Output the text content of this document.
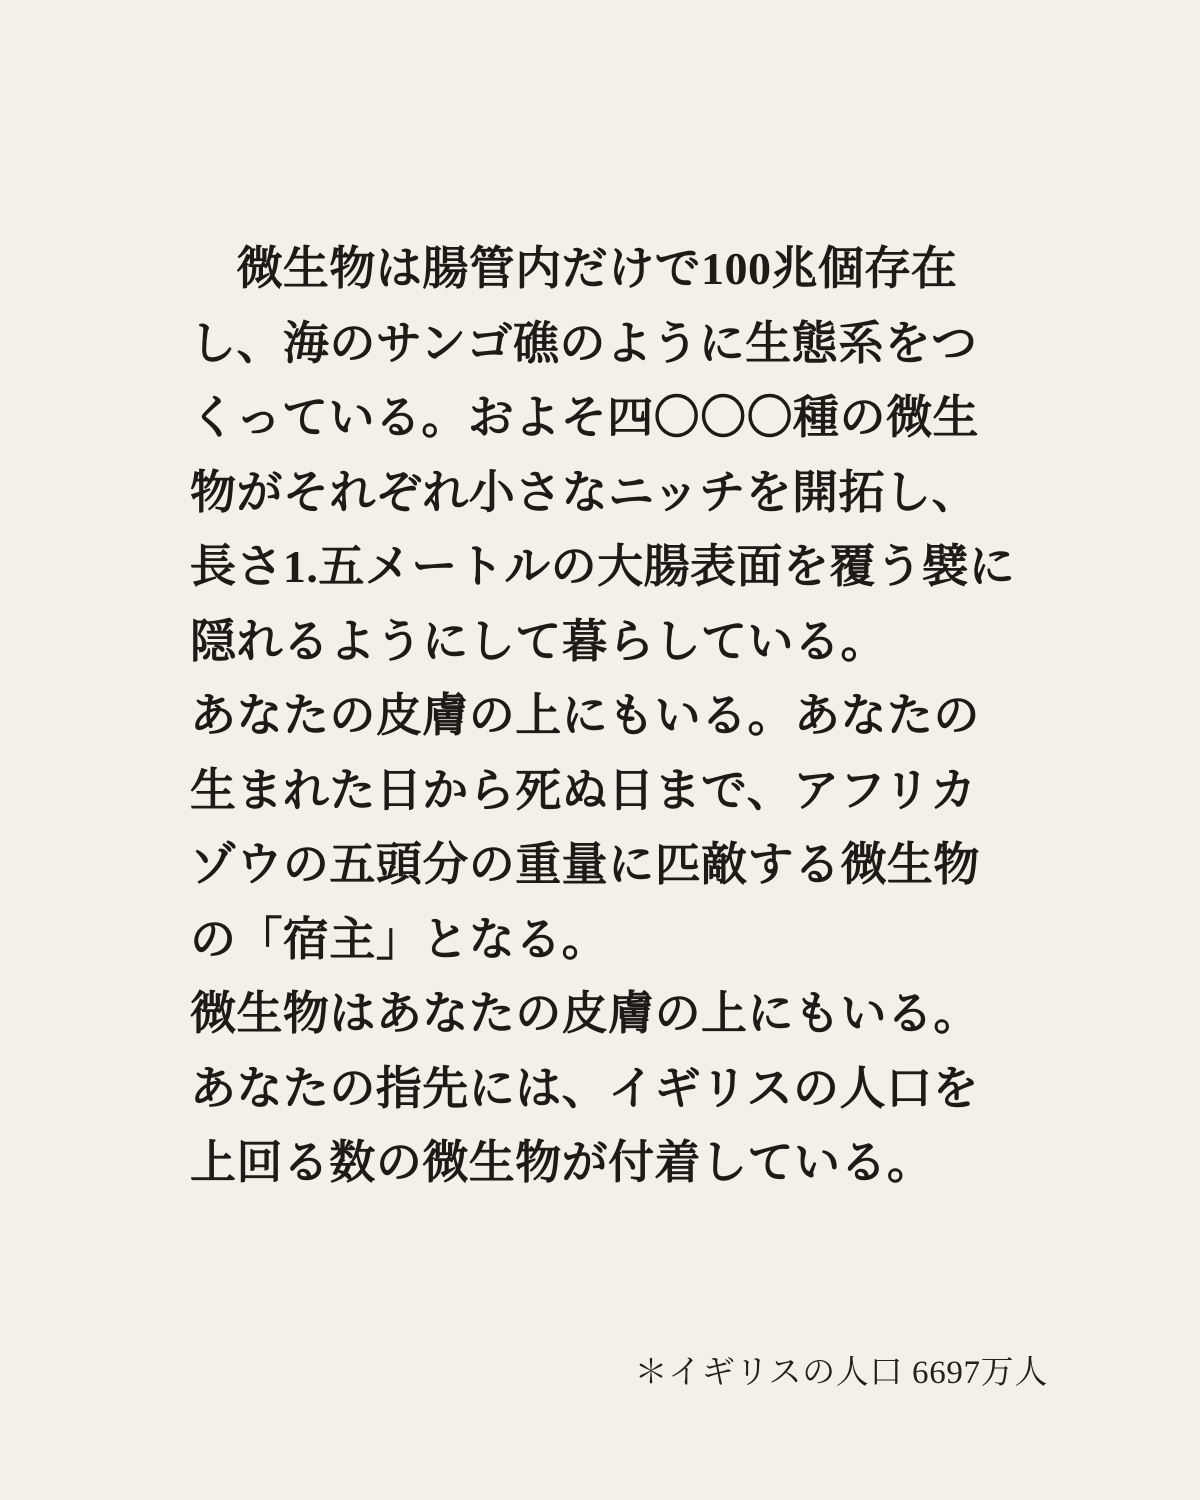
　微生物は腸管内だけで100兆個存在し、海のサンゴ礁のように生態系をつくっている。およそ四〇〇〇種の微生物がそれぞれ小さなニッチを開拓し、長さ1.五メートルの大腸表面を覆う襞に隠れるようにして暮らしている。

あなたの皮膚の上にもいる。あなたの生まれた日から死ぬ日まで、アフリカゾウの五頭分の重量に匹敵する微生物の「宿主」となる。

微生物はあなたの皮膚の上にもいる。あなたの指先には、イギリスの人口を上回る数の微生物が付着している。

＊イギリスの人口 6697万人
